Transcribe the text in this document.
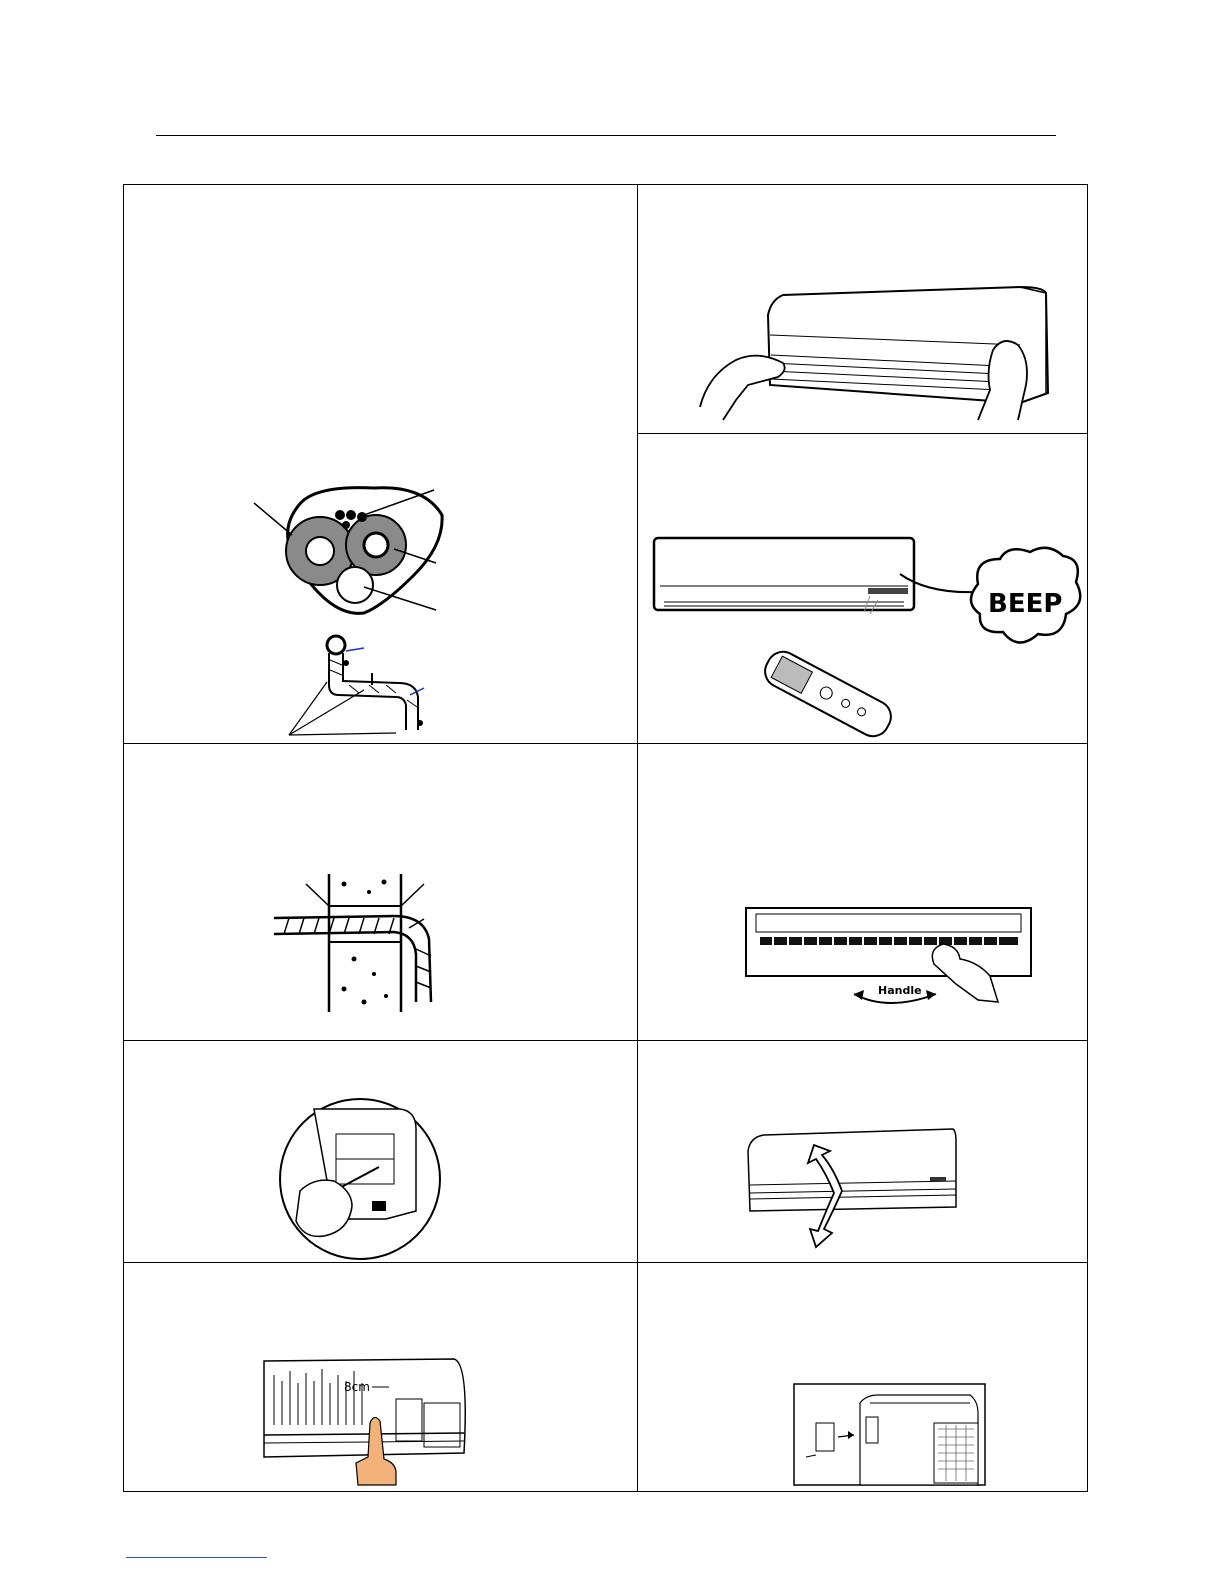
BEEP
Handle
8cm
